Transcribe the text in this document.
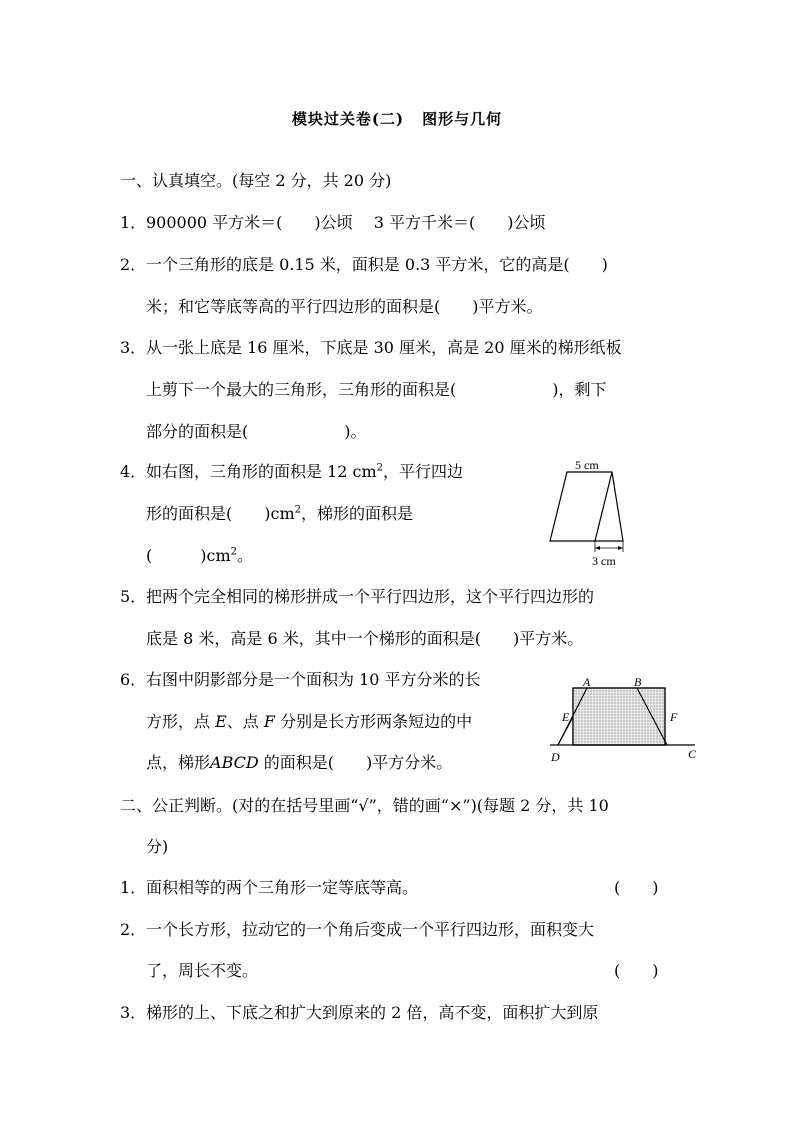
模块过关卷(二) 图形与几何
一、认真填空。(每空 2 分，共 20 分)
1．900000 平方米＝(　　)公顷　 3 平方千米＝(　　)公顷
2．一个三角形的底是 0.15 米，面积是 0.3 平方米，它的高是(　　)
米；和它等底等高的平行四边形的面积是(　　)平方米。
3．从一张上底是 16 厘米，下底是 30 厘米，高是 20 厘米的梯形纸板
上剪下一个最大的三角形，三角形的面积是(　　　　　　)，剩下
部分的面积是(　　　　　　)。
4．如右图，三角形的面积是 12 $cm^2$，平行四边
形的面积是(　　)$cm^2$，梯形的面积是
(　　　)$cm^2$。
5 cm
3 cm
5．把两个完全相同的梯形拼成一个平行四边形，这个平行四边形的
底是 8 米，高是 6 米，其中一个梯形的面积是(　　)平方米。
6．右图中阴影部分是一个面积为 10 平方分米的长
方形，点 E、点 F 分别是长方形两条短边的中
点，梯形ABCD 的面积是(　　)平方分米。
A	B
C
D
E	F
二、公正判断。(对的在括号里画“√”，错的画“×”)(每题 2 分，共 10
分)
1．面积相等的两个三角形一定等底等高。	(　　)
2．一个长方形，拉动它的一个角后变成一个平行四边形，面积变大
了，周长不变。	(　　)
3．梯形的上、下底之和扩大到原来的 2 倍，高不变，面积扩大到原
